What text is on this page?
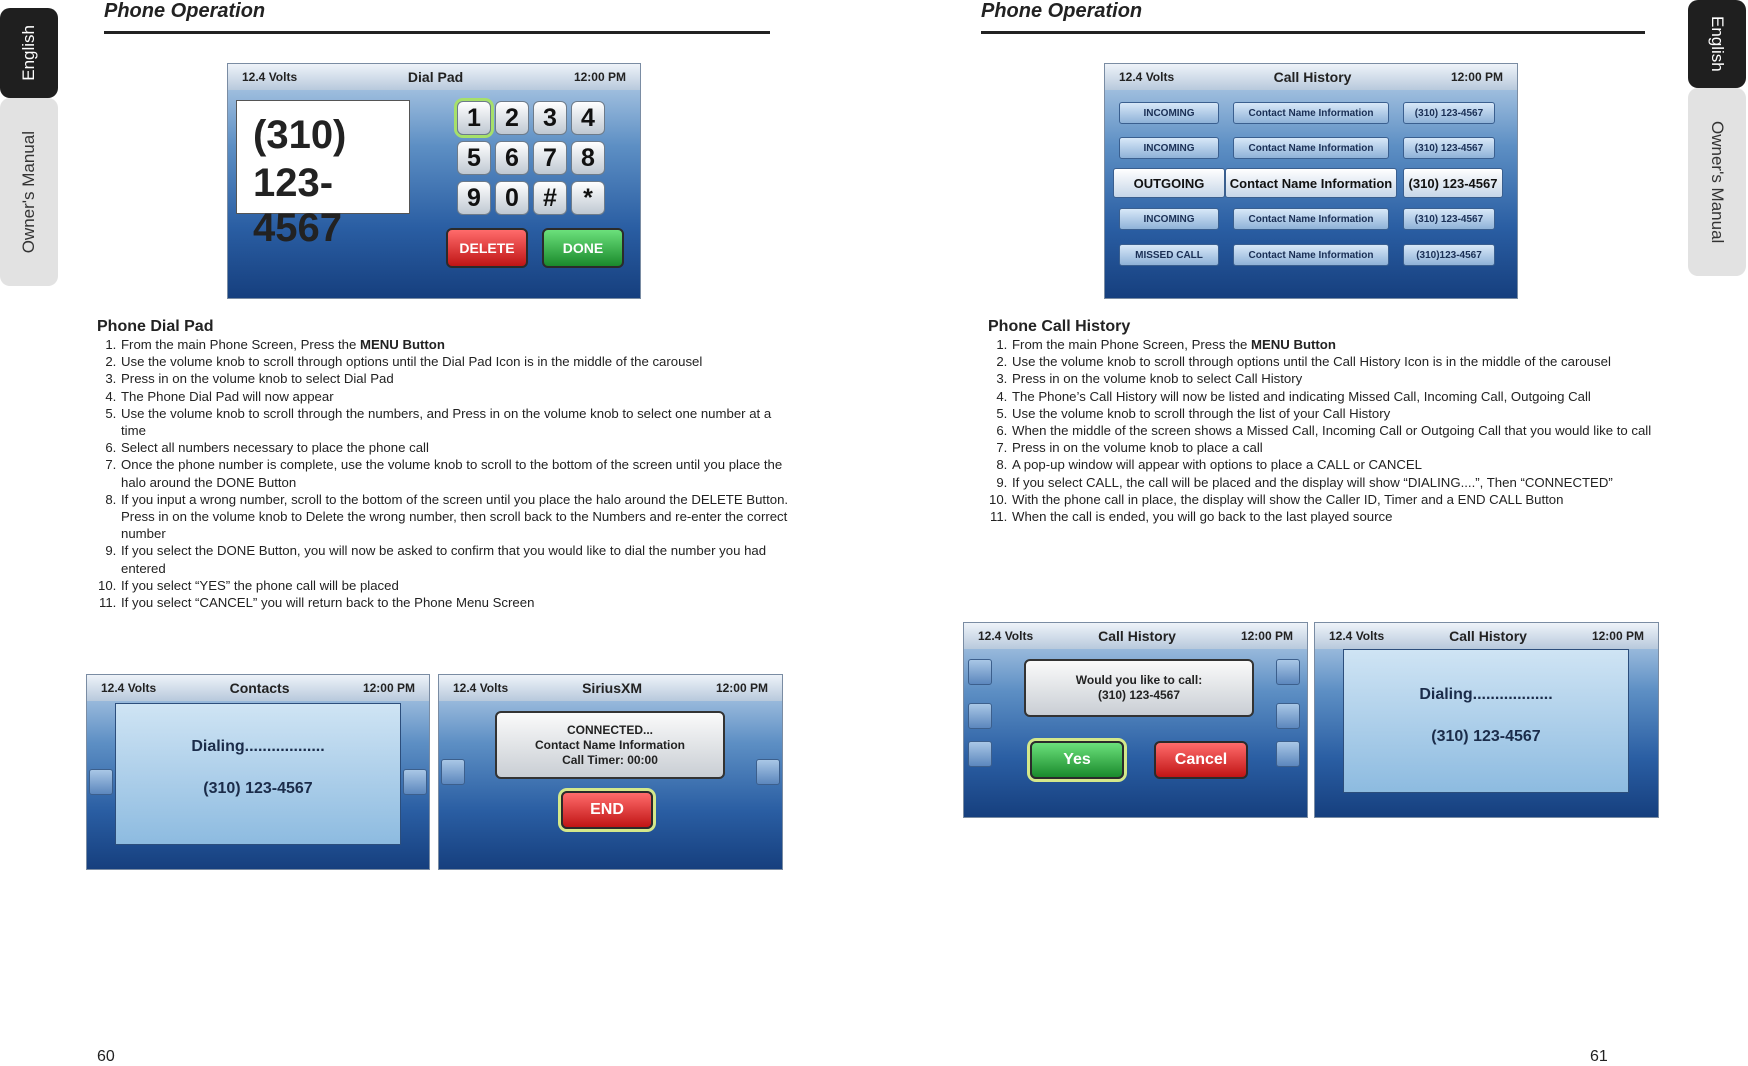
Phone Operation
English
Owner's Manual
12.4 Volts	Dial Pad	12:00 PM
(310)
123-4567
1 2 3 4
5 6 7 8
9 0 #	*
DELETE	DONE
Phone Dial Pad
1. From the main Phone Screen, Press the MENU Button
2. Use the volume knob to scroll through options until the Dial Pad Icon is in the middle of the carousel
3. Press in on the volume knob to select Dial Pad
4. The Phone Dial Pad will now appear
5. Use the volume knob to scroll through the numbers, and Press in on the volume knob to select one number at a time
6. Select all numbers necessary to place the phone call
7. Once the phone number is complete, use the volume knob to scroll to the bottom of the screen until you place the halo around the DONE Button
8. If you input a wrong number, scroll to the bottom of the screen until you place the halo around the DELETE Button. Press in on the volume knob to Delete the wrong number, then scroll back to the Numbers and re-enter the correct number
9. If you select the DONE Button, you will now be asked to confirm that you would like to dial the number you had entered
10. If you select “YES” the phone call will be placed
11. If you select “CANCEL” you will return back to the Phone Menu Screen
12.4 Volts	Contacts	12:00 PM
Dialing..................
(310) 123-4567
12.4 Volts	SiriusXM	12:00 PM
CONNECTED...
Contact Name Information
Call Timer: 00:00
END
60
Phone Operation
English
Owner's Manual
12.4 Volts	Call History	12:00 PM
INCOMING	Contact Name Information	(310) 123-4567
INCOMING	Contact Name Information	(310) 123-4567
OUTGOING	Contact Name Information	(310) 123-4567
INCOMING	Contact Name Information	(310) 123-4567
MISSED CALL	Contact Name Information	(310)123-4567
Phone Call History
1. From the main Phone Screen, Press the MENU Button
2. Use the volume knob to scroll through options until the Call History Icon is in the middle of the carousel
3. Press in on the volume knob to select Call History
4. The Phone’s Call History will now be listed and indicating Missed Call, Incoming Call, Outgoing Call
5. Use the volume knob to scroll through the list of your Call History
6. When the middle of the screen shows a Missed Call, Incoming Call or Outgoing Call that you would like to call
7. Press in on the volume knob to place a call
8. A pop-up window will appear with options to place a CALL or CANCEL
9. If you select CALL, the call will be placed and the display will show “DIALING....”, Then “CONNECTED”
10. With the phone call in place, the display will show the Caller ID, Timer and a END CALL Button
11. When the call is ended, you will go back to the last played source
12.4 Volts	Call History	12:00 PM
Would you like to call:
(310) 123-4567
Yes	Cancel
12.4 Volts	Call History	12:00 PM
Dialing..................
(310) 123-4567
61
